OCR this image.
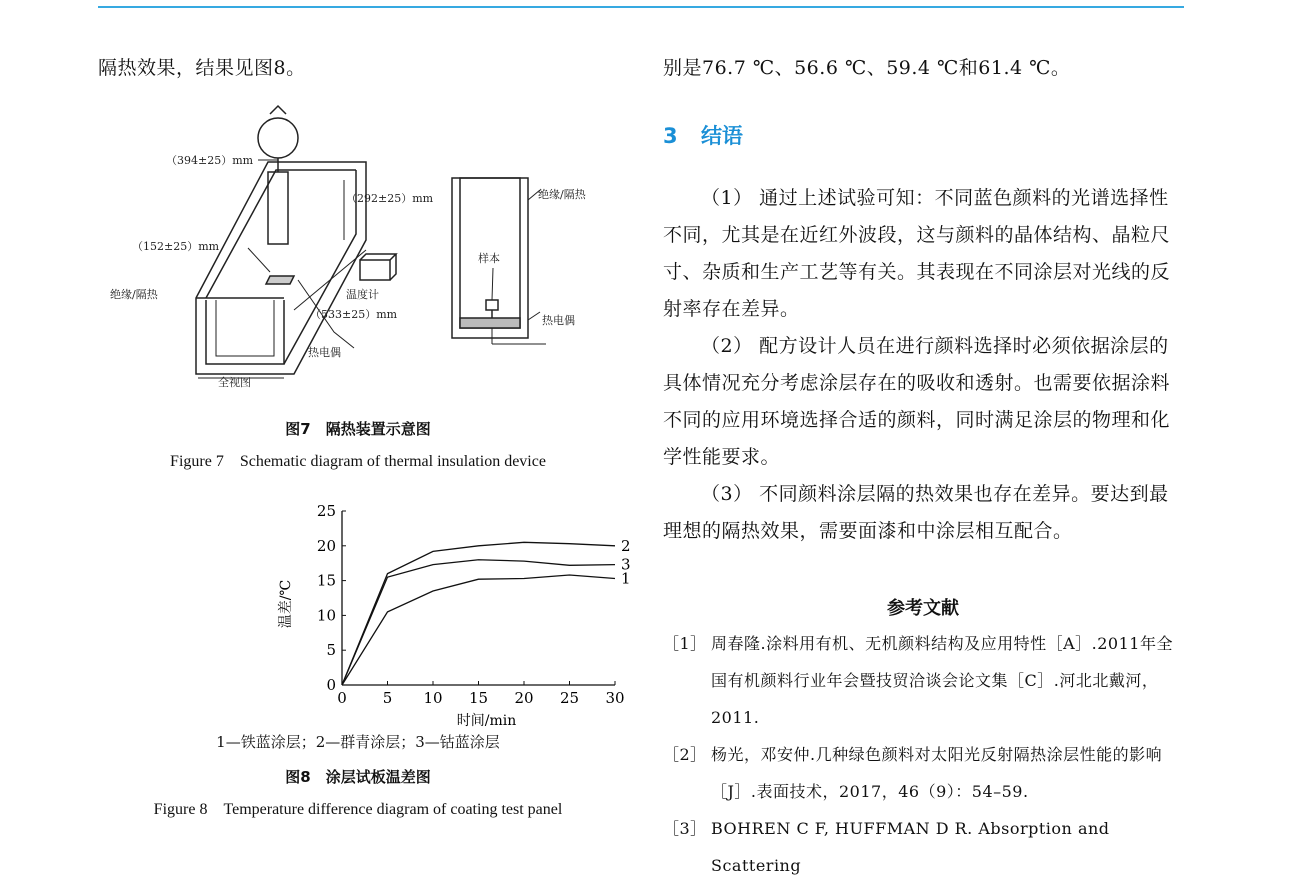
隔热效果，结果见图8。
（394±25）mm
（292±25）mm
（152±25）mm
绝缘/隔热	温度计
（533±25）mm
热电偶
全视图
绝缘/隔热
样本
热电偶
图7　隔热装置示意图
Figure 7　Schematic diagram of thermal insulation device
0 5 10 15 20 25 30
0
5
10
15
20
25
时间/min
温差/℃
1
2
3
1—铁蓝涂层；2—群青涂层；3—钴蓝涂层
图8　涂层试板温差图
Figure 8　Temperature difference diagram of coating test panel
别是76.7 ℃、56.6 ℃、59.4 ℃和61.4 ℃。
3 结语

（1） 通过上述试验可知：不同蓝色颜料的光谱选择性不同，尤其是在近红外波段，这与颜料的晶体结构、晶粒尺寸、杂质和生产工艺等有关。其表现在不同涂层对光线的反射率存在差异。

（2） 配方设计人员在进行颜料选择时必须依据涂层的具体情况充分考虑涂层存在的吸收和透射。也需要依据涂料不同的应用环境选择合适的颜料，同时满足涂层的物理和化学性能要求。

（3） 不同颜料涂层隔的热效果也存在差异。要达到最理想的隔热效果，需要面漆和中涂层相互配合。

参考文献
［1］ 周春隆.涂料用有机、无机颜料结构及应用特性［A］.2011年全国有机颜料行业年会暨技贸洽谈会论文集［C］.河北北戴河，2011.
［2］ 杨光，邓安仲.几种绿色颜料对太阳光反射隔热涂层性能的影响［J］.表面技术，2017，46（9）：54–59.
［3］ BOHREN C F, HUFFMAN D R. Absorption and Scattering
